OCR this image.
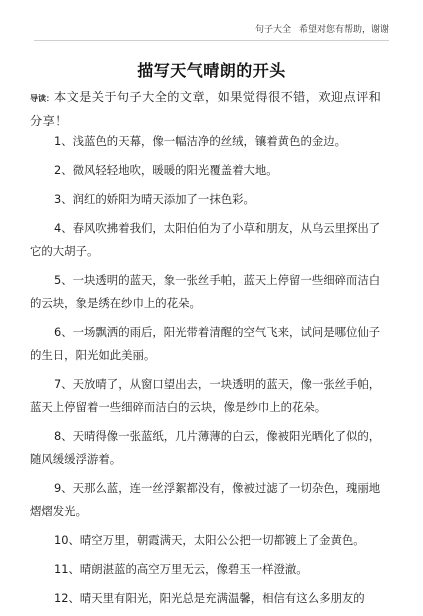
句子大全 希望对您有帮助，谢谢
描写天气晴朗的开头
导读：本文是关于句子大全的文章，如果觉得很不错，欢迎点评和分享！
1、浅蓝色的天幕，像一幅洁净的丝绒，镶着黄色的金边。
2、微风轻轻地吹，暖暖的阳光覆盖着大地。
3、润红的娇阳为晴天添加了一抹色彩。
4、春风吹拂着我们，太阳伯伯为了小草和朋友，从乌云里探出了它的大胡子。
5、一块透明的蓝天，象一张丝手帕，蓝天上停留一些细碎而洁白的云块，象是绣在纱巾上的花朵。
6、一场飘洒的雨后，阳光带着清醒的空气飞来，试问是哪位仙子的生日，阳光如此美丽。
7、天放晴了，从窗口望出去，一块透明的蓝天，像一张丝手帕，蓝天上停留着一些细碎而洁白的云块，像是纱巾上的花朵。
8、天晴得像一张蓝纸，几片薄薄的白云，像被阳光晒化了似的，随风缓缓浮游着。
9、天那么蓝，连一丝浮絮都没有，像被过滤了一切杂色，瑰丽地熠熠发光。
10、晴空万里，朝霞满天，太阳公公把一切都镀上了金黄色。
11、晴朗湛蓝的高空万里无云，像碧玉一样澄澈。
12、晴天里有阳光，阳光总是充满温馨，相信有这么多朋友的
